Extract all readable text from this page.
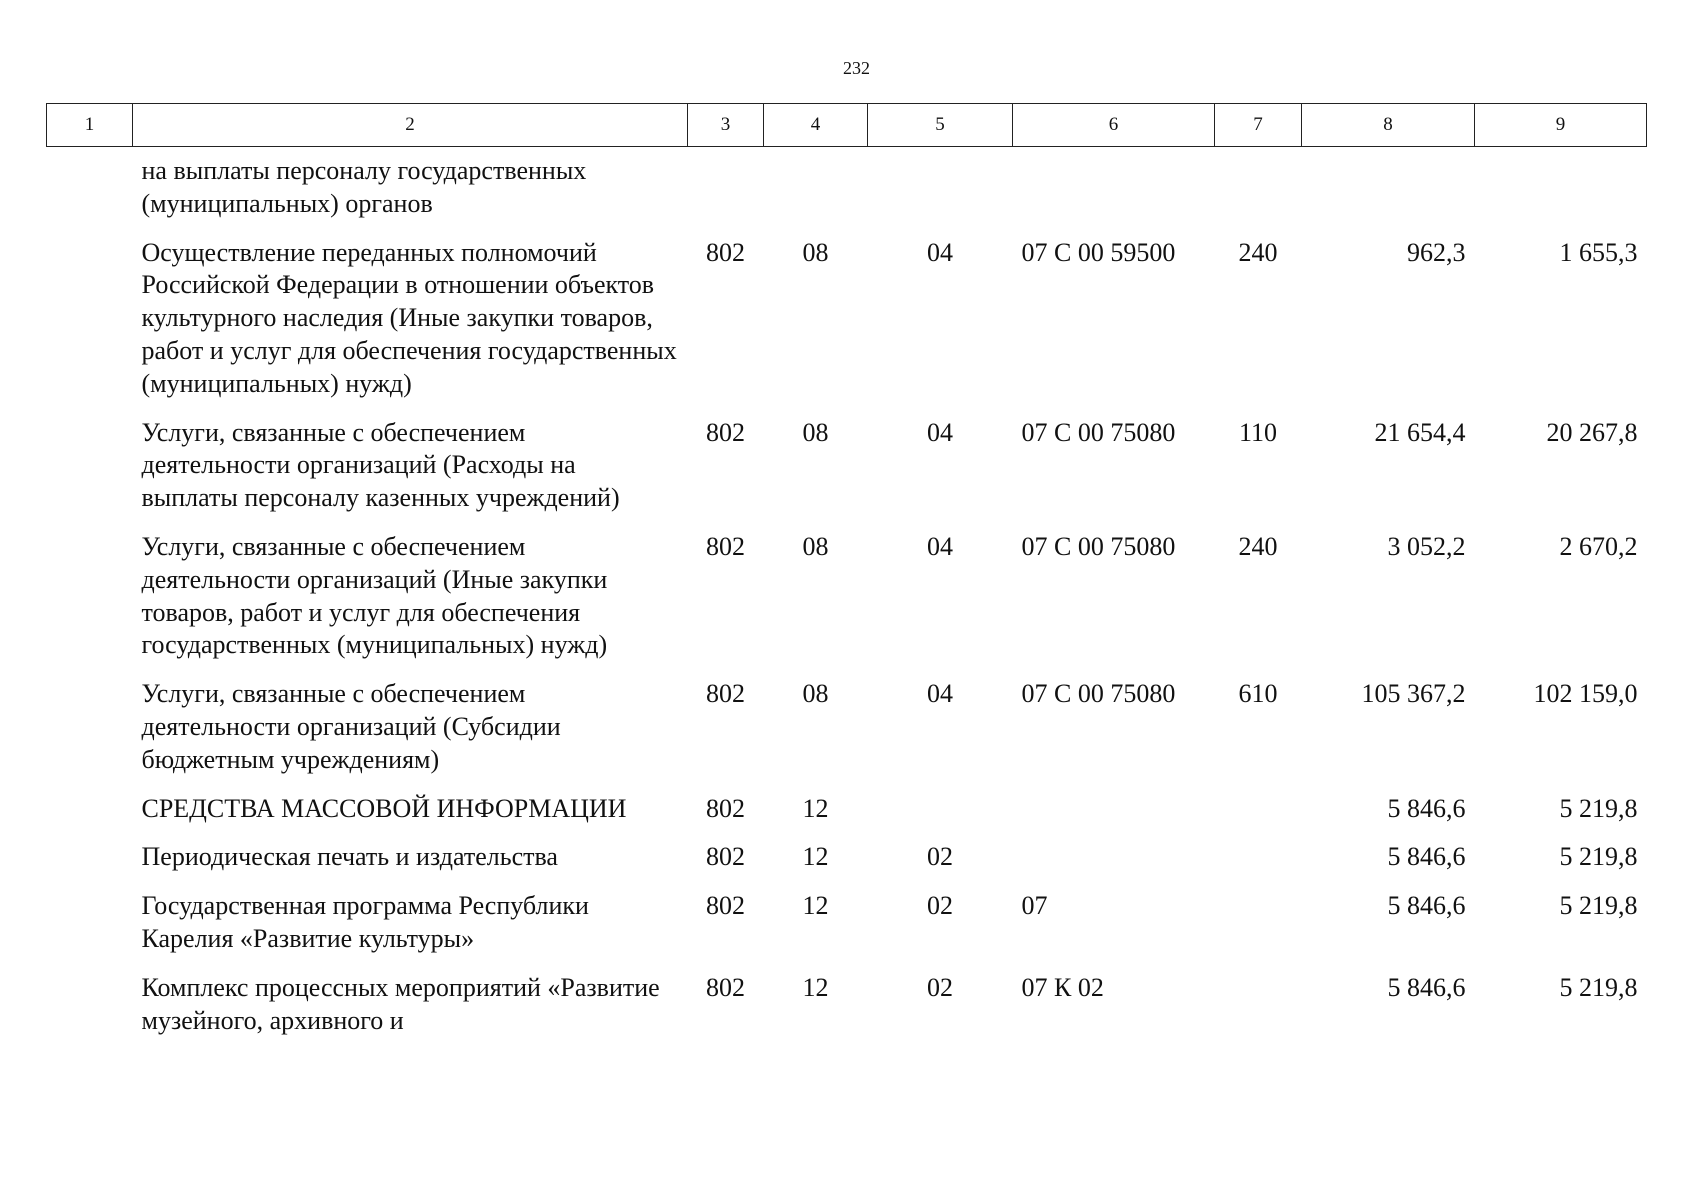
232
1	2	3	4	5	6	7	8	9
	на выплаты персоналу государственных (муниципальных) органов							
	Осуществление переданных полномочий Российской Федерации в отношении объектов культурного наследия (Иные закупки товаров, работ и услуг для обеспечения государственных (муниципальных) нужд)	802	08	04	07 С 00 59500	240	962,3	1 655,3
	Услуги, связанные с обеспечением деятельности организаций (Расходы на выплаты персоналу казенных учреждений)	802	08	04	07 С 00 75080	110	21 654,4	20 267,8
	Услуги, связанные с обеспечением деятельности организаций (Иные закупки товаров, работ и услуг для обеспечения государственных (муниципальных) нужд)	802	08	04	07 С 00 75080	240	3 052,2	2 670,2
	Услуги, связанные с обеспечением деятельности организаций (Субсидии бюджетным учреждениям)	802	08	04	07 С 00 75080	610	105 367,2	102 159,0
	СРЕДСТВА МАССОВОЙ ИНФОРМАЦИИ	802	12				5 846,6	5 219,8
	Периодическая печать и издательства	802	12	02			5 846,6	5 219,8
	Государственная программа Республики Карелия «Развитие культуры»	802	12	02	07		5 846,6	5 219,8
	Комплекс процессных мероприятий «Развитие музейного, архивного и	802	12	02	07 К 02		5 846,6	5 219,8
